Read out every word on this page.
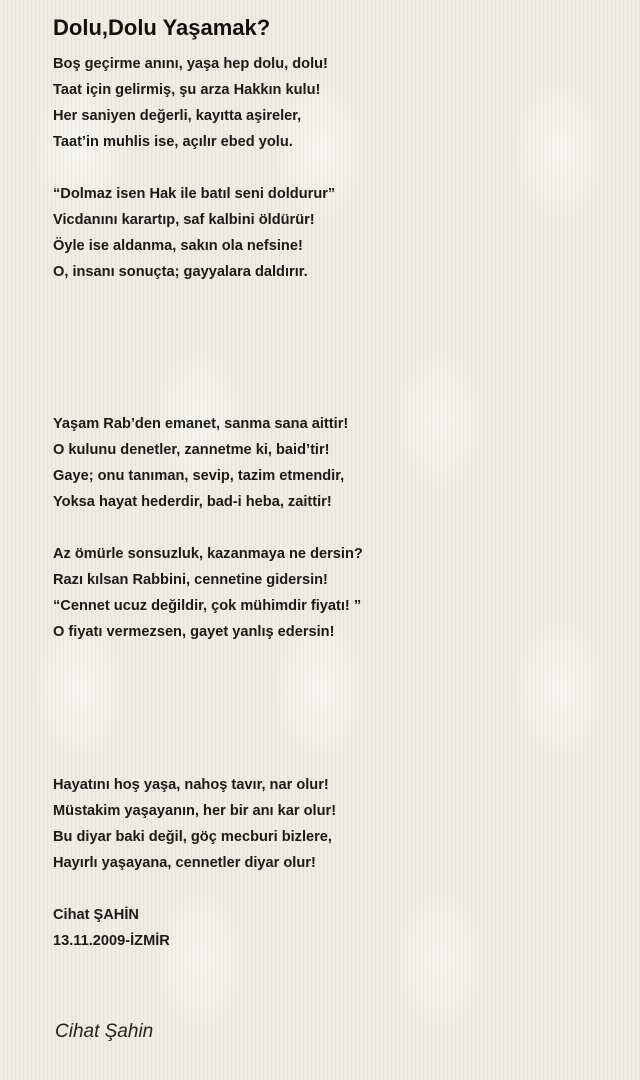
Dolu,Dolu Yaşamak?
Boş geçirme anını, yaşa hep dolu, dolu!
Taat için gelirmiş, şu arza Hakkın kulu!
Her saniyen değerli, kayıtta aşireler,
Taat’in muhlis ise, açılır ebed yolu.
“Dolmaz isen Hak ile batıl seni doldurur”
Vicdanını karartıp, saf kalbini öldürür!
Öyle ise aldanma, sakın ola nefsine!
O, insanı sonuçta; gayyalara daldırır.
Yaşam Rab’den emanet, sanma sana aittir!
O kulunu denetler, zannetme ki, baid’tir!
Gaye; onu tanıman, sevip, tazim etmendir,
Yoksa hayat hederdir, bad-i heba, zaittir!
Az ömürle sonsuzluk, kazanmaya ne dersin?
Razı kılsan Rabbini, cennetine gidersin!
“Cennet ucuz değildir, çok mühimdir fiyatı! ”
O fiyatı vermezsen, gayet yanlış edersin!
Hayatını hoş yaşa, nahoş tavır, nar olur!
Müstakim yaşayanın, her bir anı kar olur!
Bu diyar baki değil, göç mecburi bizlere,
Hayırlı yaşayana, cennetler diyar olur!
Cihat ŞAHİN
13.11.2009-İZMİR
Cihat Şahin
